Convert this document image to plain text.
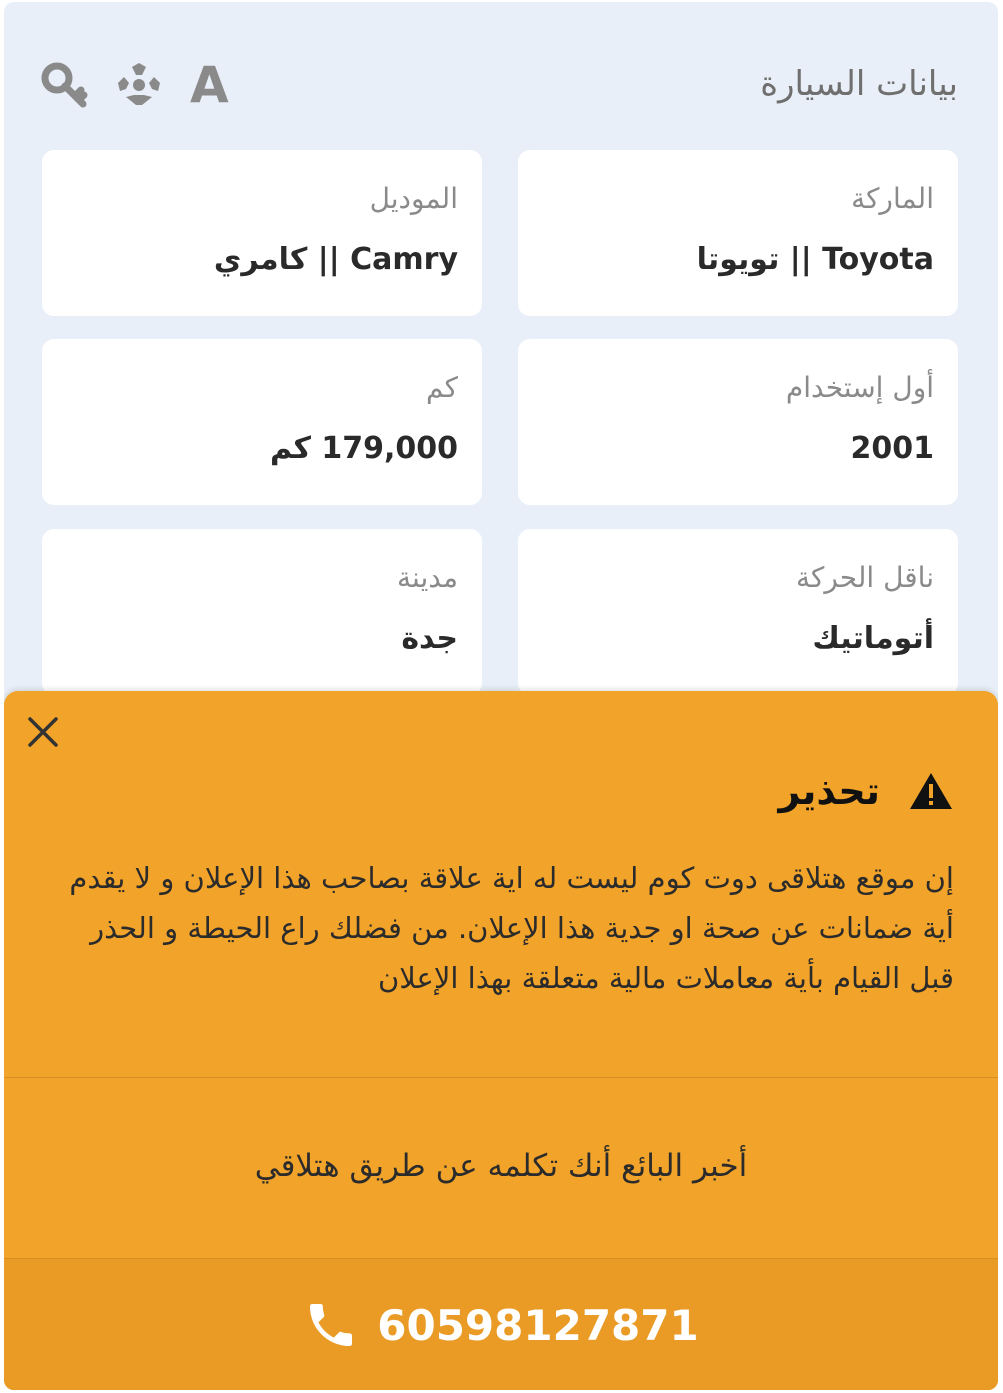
بيانات السيارة
A
الماركة
Toyota || تويوتا
الموديل
Camry || كامري
أول إستخدام
2001
كم
179,000 كم
ناقل الحركة
أتوماتيك
مدينة
جدة
تحذير
إن موقع هتلاقى دوت كوم ليست له اية علاقة بصاحب هذا الإعلان و لا يقدم أية ضمانات عن صحة او جدية هذا الإعلان. من فضلك راع الحيطة و الحذر قبل القيام بأية معاملات مالية متعلقة بهذا الإعلان
أخبر البائع أنك تكلمه عن طريق هتلاقي
60598127871
